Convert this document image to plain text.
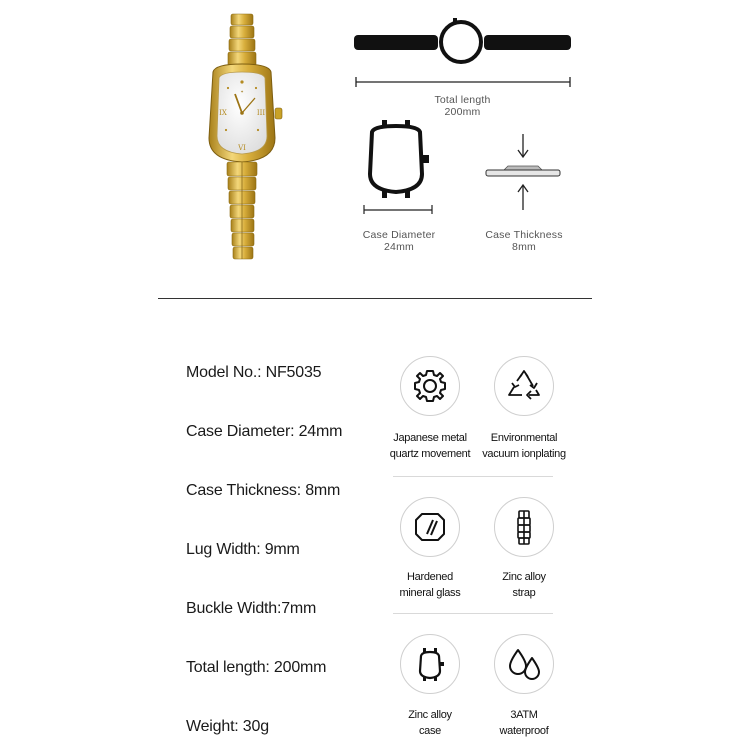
IX	III
VI
✦
Total length
200mm
Case Diameter
24mm
Case Thickness
8mm
Model No.: NF5035
Case Diameter: 24mm
Case Thickness: 8mm
Lug Width: 9mm
Buckle Width:7mm
Total length: 200mm
Weight: 30g
Japanese metal
quartz movement
Environmental
vacuum ionplating
Hardened
mineral glass
Zinc alloy
strap
Zinc alloy
case
3ATM
waterproof
